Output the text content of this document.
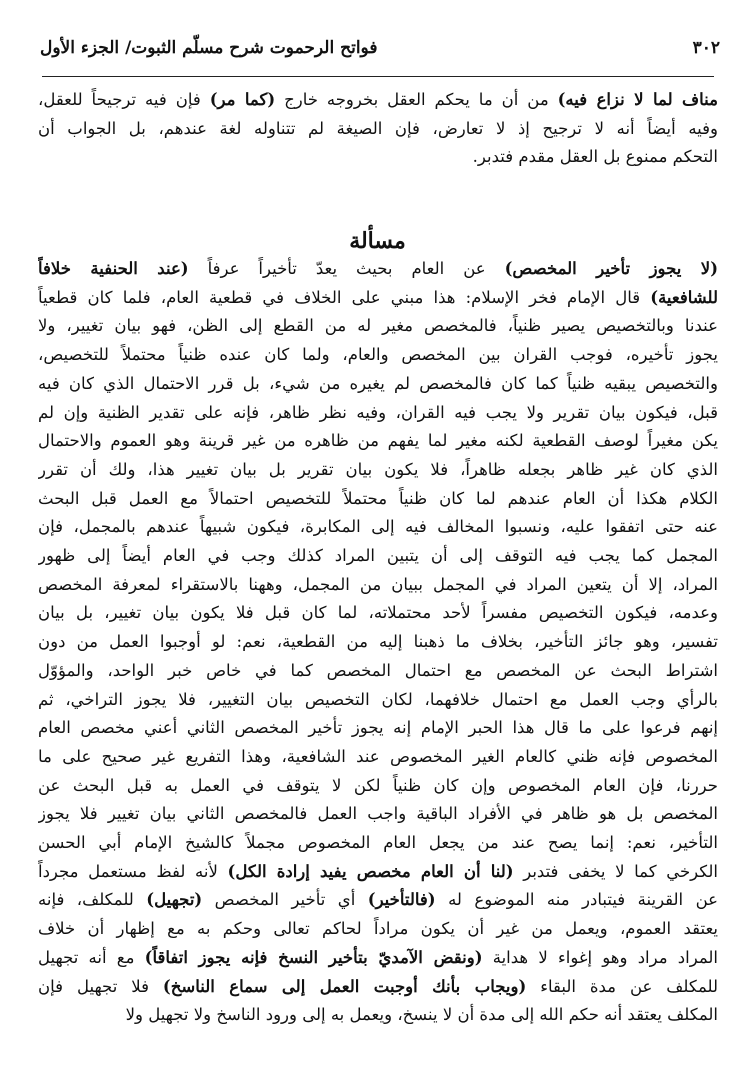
٣٠٢
فواتح الرحموت شرح مسلّم الثبوت/ الجزء الأول
مناف لما لا نزاع فيه) من أن ما يحكم العقل بخروجه خارج (كما مر) فإن فيه ترجيحاً للعقل،
وفيه أيضاً أنه لا ترجيح إذ لا تعارض، فإن الصيغة لم تتناوله لغة عندهم، بل الجواب أن
التحكم ممنوع بل العقل مقدم فتدبر.
مسألة
(لا يجوز تأخير المخصص) عن العام بحيث يعدّ تأخيراً عرفاً (عند الحنفية خلافاً
للشافعية) قال الإمام فخر الإسلام: هذا مبني على الخلاف في قطعية العام، فلما كان قطعياً
عندنا وبالتخصيص يصير ظنياً، فالمخصص مغير له من القطع إلى الظن، فهو بيان تغيير، ولا
يجوز تأخيره، فوجب القران بين المخصص والعام، ولما كان عنده ظنياً محتملاً للتخصيص،
والتخصيص يبقيه ظنياً كما كان فالمخصص لم يغيره من شيء، بل قرر الاحتمال الذي كان فيه
قبل، فيكون بيان تقرير ولا يجب فيه القران، وفيه نظر ظاهر، فإنه على تقدير الظنية وإن لم
يكن مغيراً لوصف القطعية لكنه مغير لما يفهم من ظاهره من غير قرينة وهو العموم والاحتمال
الذي كان غير ظاهر بجعله ظاهراً، فلا يكون بيان تقرير بل بيان تغيير هذا، ولك أن تقرر
الكلام هكذا أن العام عندهم لما كان ظنياً محتملاً للتخصيص احتمالاً مع العمل قبل البحث
عنه حتى اتفقوا عليه، ونسبوا المخالف فيه إلى المكابرة، فيكون شبيهاً عندهم بالمجمل، فإن
المجمل كما يجب فيه التوقف إلى أن يتبين المراد كذلك وجب في العام أيضاً إلى ظهور
المراد، إلا أن يتعين المراد في المجمل ببيان من المجمل، وههنا بالاستقراء لمعرفة المخصص
وعدمه، فيكون التخصيص مفسراً لأحد محتملاته، لما كان قبل فلا يكون بيان تغيير، بل بيان
تفسير، وهو جائز التأخير، بخلاف ما ذهبنا إليه من القطعية، نعم: لو أوجبوا العمل من دون
اشتراط البحث عن المخصص مع احتمال المخصص كما في خاص خبر الواحد، والمؤوّل
بالرأي وجب العمل مع احتمال خلافهما، لكان التخصيص بيان التغيير، فلا يجوز التراخي، ثم
إنهم فرعوا على ما قال هذا الحبر الإمام إنه يجوز تأخير المخصص الثاني أعني مخصص العام
المخصوص فإنه ظني كالعام الغير المخصوص عند الشافعية، وهذا التفريع غير صحيح على ما
حررنا، فإن العام المخصوص وإن كان ظنياً لكن لا يتوقف في العمل به قبل البحث عن
المخصص بل هو ظاهر في الأفراد الباقية واجب العمل فالمخصص الثاني بيان تغيير فلا يجوز
التأخير، نعم: إنما يصح عند من يجعل العام المخصوص مجملاً كالشيخ الإمام أبي الحسن
الكرخي كما لا يخفى فتدبر (لنا أن العام مخصص يفيد إرادة الكل) لأنه لفظ مستعمل مجرداً
عن القرينة فيتبادر منه الموضوع له (فالتأخير) أي تأخير المخصص (تجهيل) للمكلف، فإنه
يعتقد العموم، ويعمل من غير أن يكون مراداً لحاكم تعالى وحكم به مع إظهار أن خلاف
المراد مراد وهو إغواء لا هداية (ونقض الآمديّ بتأخير النسخ فإنه يجوز اتفاقاً) مع أنه تجهيل
للمكلف عن مدة البقاء (ويجاب بأنك أوجبت العمل إلى سماع الناسخ) فلا تجهيل فإن
المكلف يعتقد أنه حكم الله إلى مدة أن لا ينسخ، ويعمل به إلى ورود الناسخ ولا تجهيل ولا
